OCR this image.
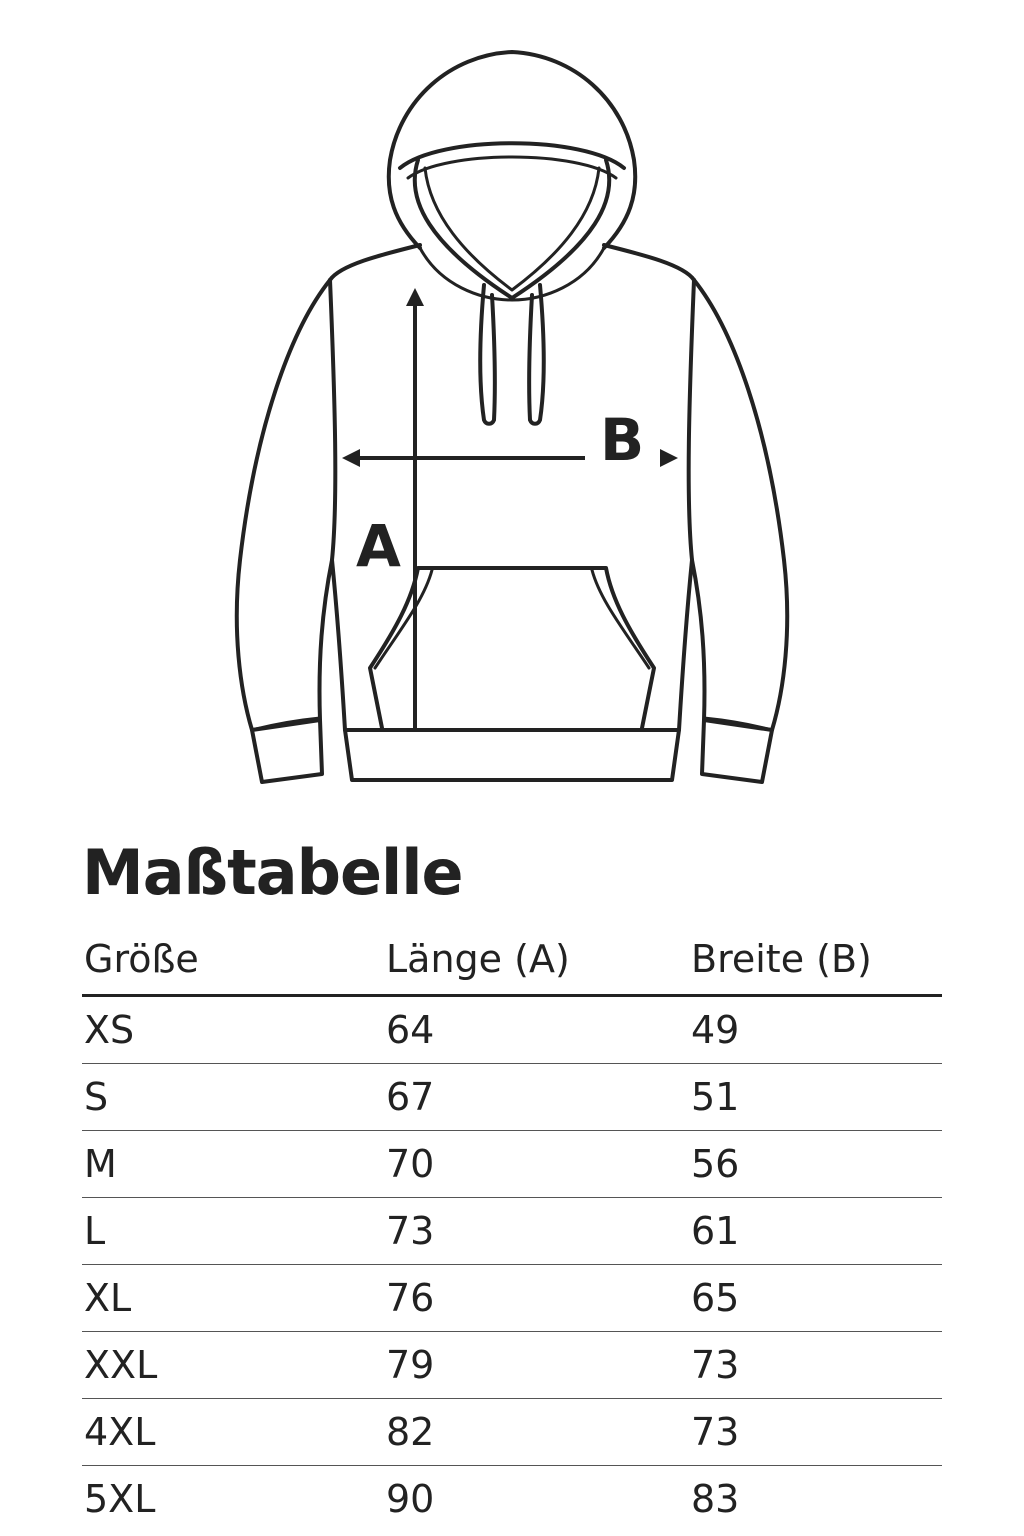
A
B
Maßtabelle
Größe	Länge (A)	Breite (B)
XS	64	49
S	67	51
M	70	56
L	73	61
XL	76	65
XXL	79	73
4XL	82	73
5XL	90	83
